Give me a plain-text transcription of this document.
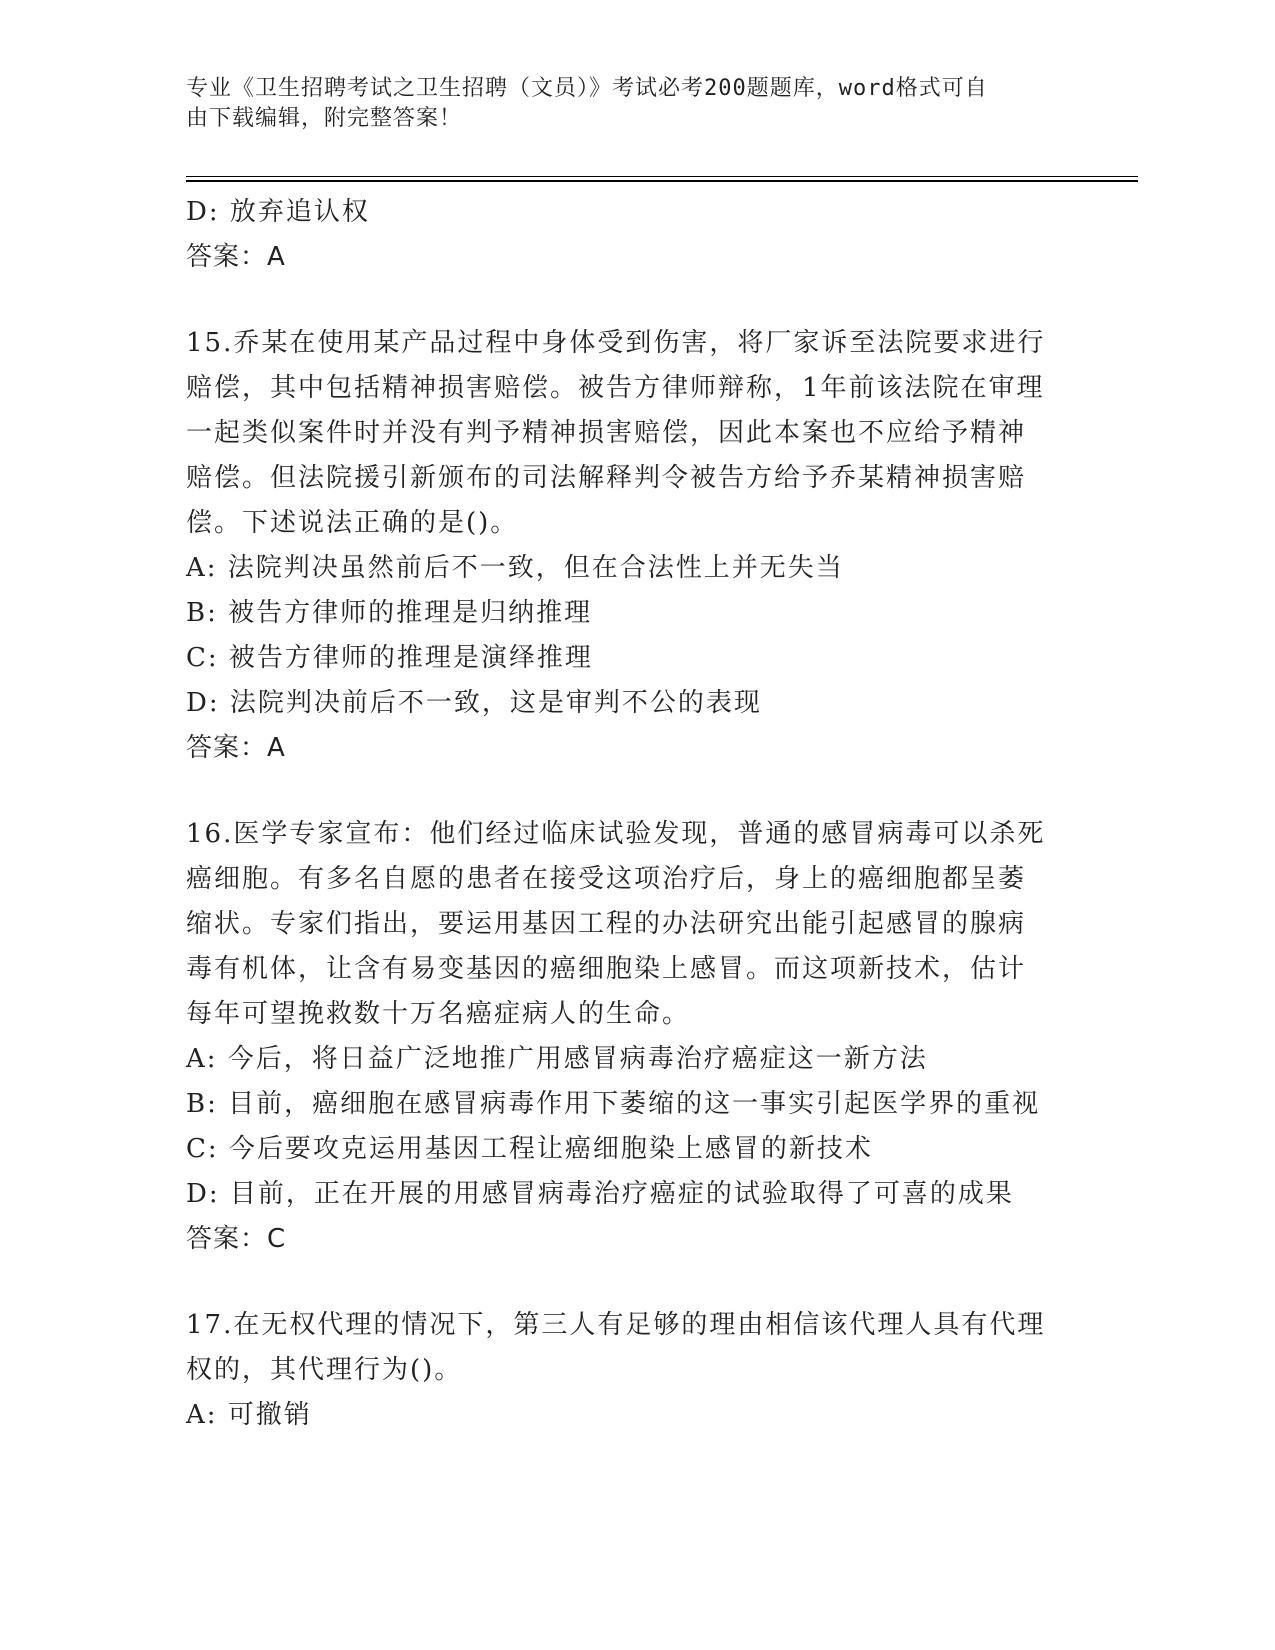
专业《卫生招聘考试之卫生招聘（文员）》考试必考200题题库，word格式可自
由下载编辑，附完整答案！
D: 放弃追认权
答案：A
15.乔某在使用某产品过程中身体受到伤害，将厂家诉至法院要求进行
赔偿，其中包括精神损害赔偿。被告方律师辩称，1年前该法院在审理
一起类似案件时并没有判予精神损害赔偿，因此本案也不应给予精神
赔偿。但法院援引新颁布的司法解释判令被告方给予乔某精神损害赔
偿。下述说法正确的是()。
A: 法院判决虽然前后不一致，但在合法性上并无失当
B: 被告方律师的推理是归纳推理
C: 被告方律师的推理是演绎推理
D: 法院判决前后不一致，这是审判不公的表现
答案：A
16.医学专家宣布：他们经过临床试验发现，普通的感冒病毒可以杀死
癌细胞。有多名自愿的患者在接受这项治疗后，身上的癌细胞都呈萎
缩状。专家们指出，要运用基因工程的办法研究出能引起感冒的腺病
毒有机体，让含有易变基因的癌细胞染上感冒。而这项新技术，估计
每年可望挽救数十万名癌症病人的生命。
A: 今后，将日益广泛地推广用感冒病毒治疗癌症这一新方法
B: 目前，癌细胞在感冒病毒作用下萎缩的这一事实引起医学界的重视
C: 今后要攻克运用基因工程让癌细胞染上感冒的新技术
D: 目前，正在开展的用感冒病毒治疗癌症的试验取得了可喜的成果
答案：C
17.在无权代理的情况下，第三人有足够的理由相信该代理人具有代理
权的，其代理行为()。
A: 可撤销
